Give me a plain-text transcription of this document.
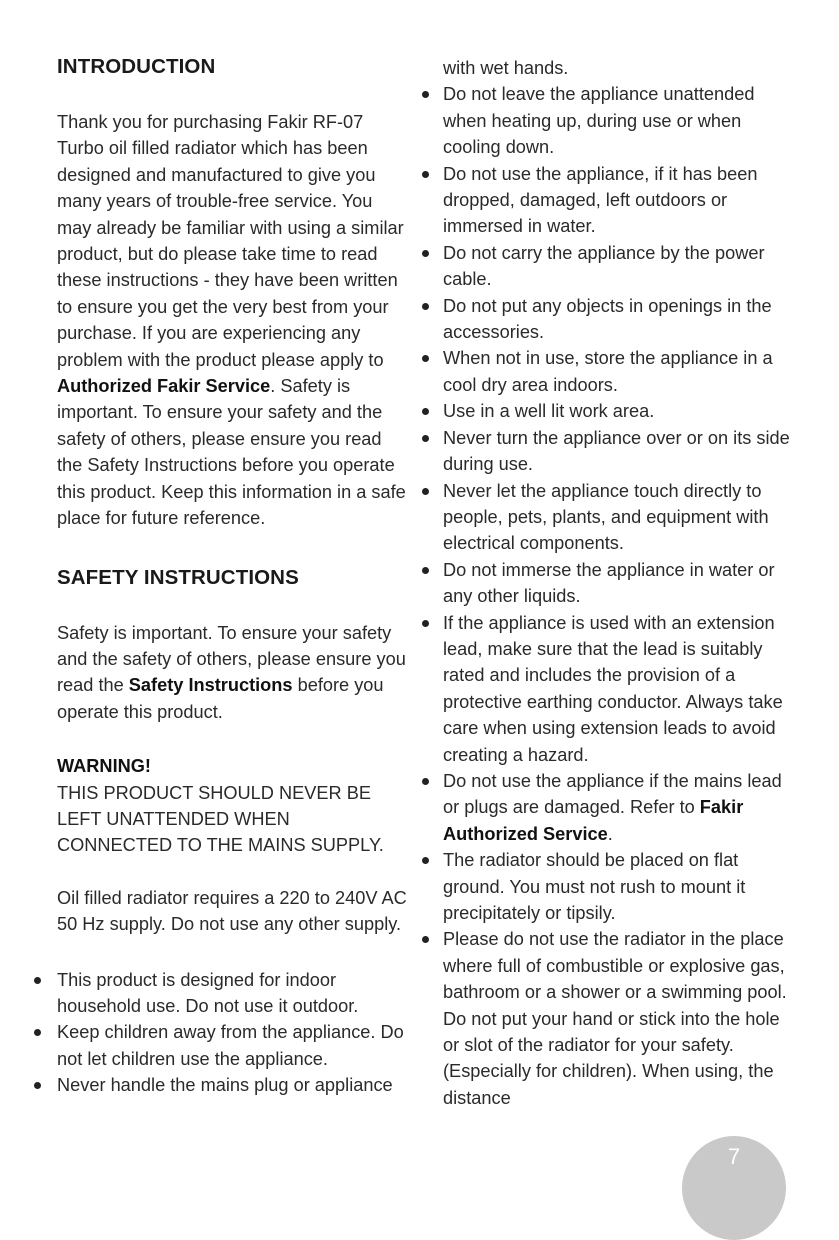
INTRODUCTION

Thank you for purchasing Fakir RF-07 Turbo oil filled radiator which has been designed and manufactured to give you many years of trouble-free service. You may already be familiar with using a similar product, but do please take time to read these instructions - they have been written to ensure you get the very best from your purchase. If you are experiencing any problem with the product please apply to Authorized Fakir Service. Safety is important. To ensure your safety and the safety of others, please ensure you read the Safety Instructions before you operate this product. Keep this information in a safe place for future reference.

SAFETY INSTRUCTIONS

Safety is important. To ensure your safety and the safety of others, please ensure you read the Safety Instructions before you operate this product.

WARNING!

THIS PRODUCT SHOULD NEVER BE LEFT UNATTENDED WHEN CONNECTED TO THE MAINS SUPPLY.

Oil filled radiator requires a 220 to 240V AC 50 Hz supply. Do not use any other supply.

This product is designed for indoor household use. Do not use it outdoor.
Keep children away from the appliance. Do not let children use the appliance.
Never handle the mains plug or appliance
with wet hands.
Do not leave the appliance unattended when heating up, during use or when cooling down.
Do not use the appliance, if it has been dropped, damaged, left outdoors or immersed in water.
Do not carry the appliance by the power cable.
Do not put any objects in openings in the accessories.
When not in use, store the appliance in a cool dry area indoors.
Use in a well lit work area.
Never turn the appliance over or on its side during use.
Never let the appliance touch directly to people, pets, plants, and equipment with electrical components.
Do not immerse the appliance in water or any other liquids.
If the appliance is used with an extension lead, make sure that the lead is suitably rated and includes the provision of a protective earthing conductor. Always take care when using extension leads to avoid creating a hazard.
Do not use the appliance if the mains lead or plugs are damaged. Refer to Fakir Authorized Service.
The radiator should be placed on flat ground. You must not rush to mount it precipitately or tipsily.
Please do not use the radiator in the place where full of combustible or explosive gas, bathroom or a shower or a swimming pool. Do not put your hand or stick into the hole or slot of the radiator for your safety. (Especially for children). When using, the distance
7
